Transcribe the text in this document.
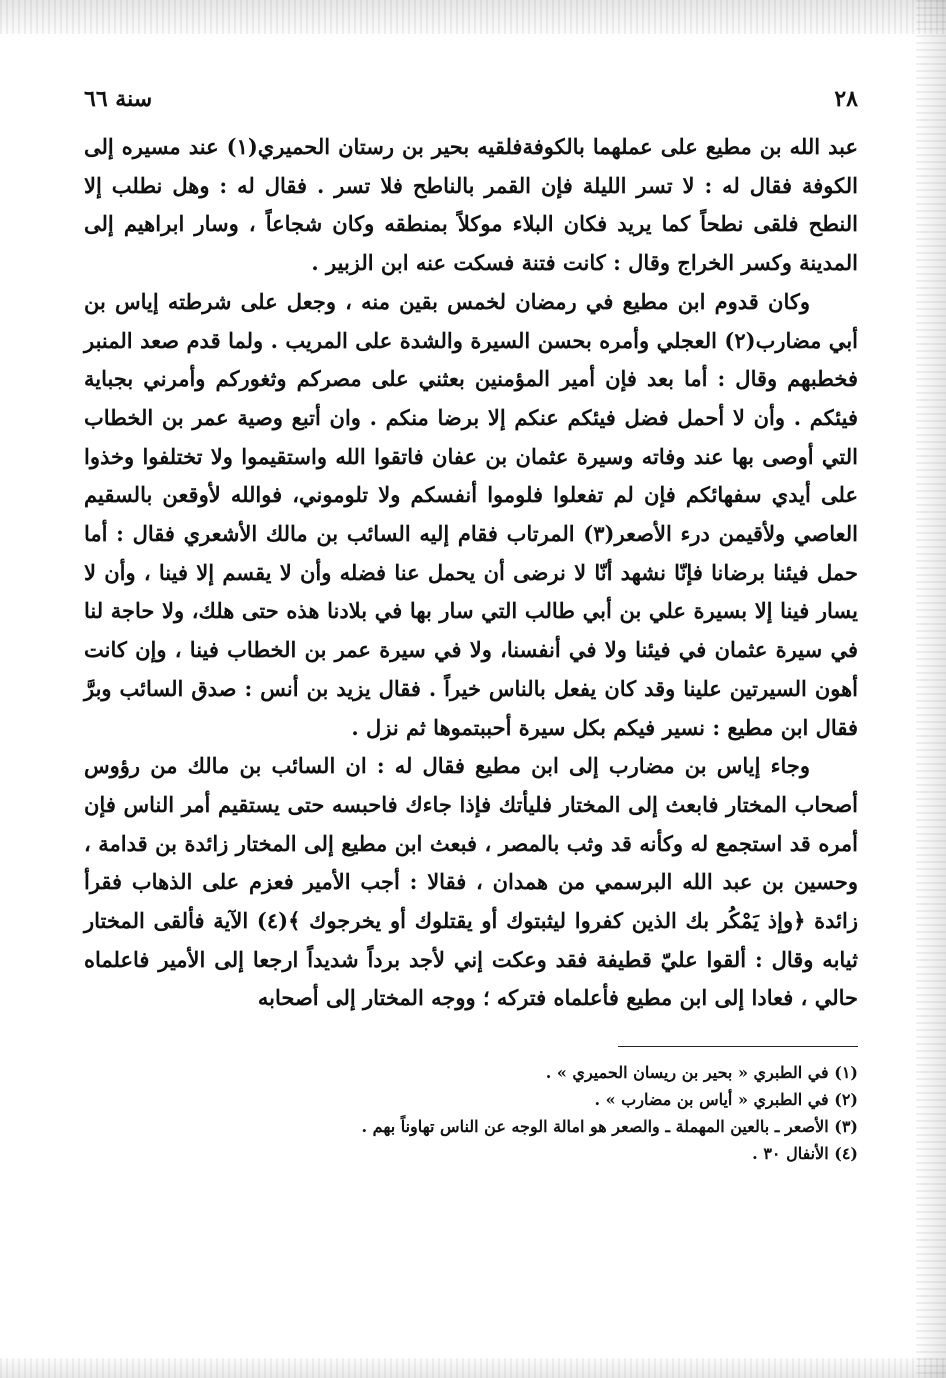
٢٨
سنة ٦٦

عبد الله بن مطيع على عملهما بالكوفةفلقيه بحير بن رستان الحميري(١) عند مسيره إلى الكوفة فقال له : لا تسر الليلة فإن القمر بالناطح فلا تسر . فقال له : وهل نطلب إلا النطح فلقى نطحاً كما يريد فكان البلاء موكلاً بمنطقه وكان شجاعاً ، وسار ابراهيم إلى المدينة وكسر الخراج وقال : كانت فتنة فسكت عنه ابن الزبير .

وكان قدوم ابن مطيع في رمضان لخمس بقين منه ، وجعل على شرطته إياس بن أبي مضارب(٢) العجلي وأمره بحسن السيرة والشدة على المريب . ولما قدم صعد المنبر فخطبهم وقال : أما بعد فإن أمير المؤمنين بعثني على مصركم وثغوركم وأمرني بجباية فيئكم . وأن لا أحمل فضل فيئكم عنكم إلا برضا منكم . وان أتبع وصية عمر بن الخطاب التي أوصى بها عند وفاته وسيرة عثمان بن عفان فاتقوا الله واستقيموا ولا تختلفوا وخذوا على أيدي سفهائكم فإن لم تفعلوا فلوموا أنفسكم ولا تلوموني، فوالله لأوقعن بالسقيم العاصي ولأقيمن درء الأصعر(٣) المرتاب فقام إليه السائب بن مالك الأشعري فقال : أما حمل فيئنا برضانا فإنّا نشهد أنّا لا نرضى أن يحمل عنا فضله وأن لا يقسم إلا فينا ، وأن لا يسار فينا إلا بسيرة علي بن أبي طالب التي سار بها في بلادنا هذه حتى هلك، ولا حاجة لنا في سيرة عثمان في فيئنا ولا في أنفسنا، ولا في سيرة عمر بن الخطاب فينا ، وإن كانت أهون السيرتين علينا وقد كان يفعل بالناس خيراً . فقال يزيد بن أنس : صدق السائب وبرَّ فقال ابن مطيع : نسير فيكم بكل سيرة أحببتموها ثم نزل .

وجاء إياس بن مضارب إلى ابن مطيع فقال له : ان السائب بن مالك من رؤوس أصحاب المختار فابعث إلى المختار فليأتك فإذا جاءك فاحبسه حتى يستقيم أمر الناس فإن أمره قد استجمع له وكأنه قد وثب بالمصر ، فبعث ابن مطيع إلى المختار زائدة بن قدامة ، وحسين بن عبد الله البرسمي من همدان ، فقالا : أجب الأمير فعزم على الذهاب فقرأ زائدة ﴿وإذ يَمْكُر بك الذين كفروا ليثبتوك أو يقتلوك أو يخرجوك ﴾(٤) الآية فألقى المختار ثيابه وقال : ألقوا عليّ قطيفة فقد وعكت إني لأجد برداً شديداً ارجعا إلى الأمير فاعلماه حالي ، فعادا إلى ابن مطيع فأعلماه فتركه ؛ ووجه المختار إلى أصحابه

(١) في الطبري « بحير بن ريسان الحميري » .

(٢) في الطبري « أياس بن مضارب » .

(٣) الأصعر ـ بالعين المهملة ـ والصعر هو امالة الوجه عن الناس تهاوناً بهم .

(٤) الأنفال ٣٠ .
